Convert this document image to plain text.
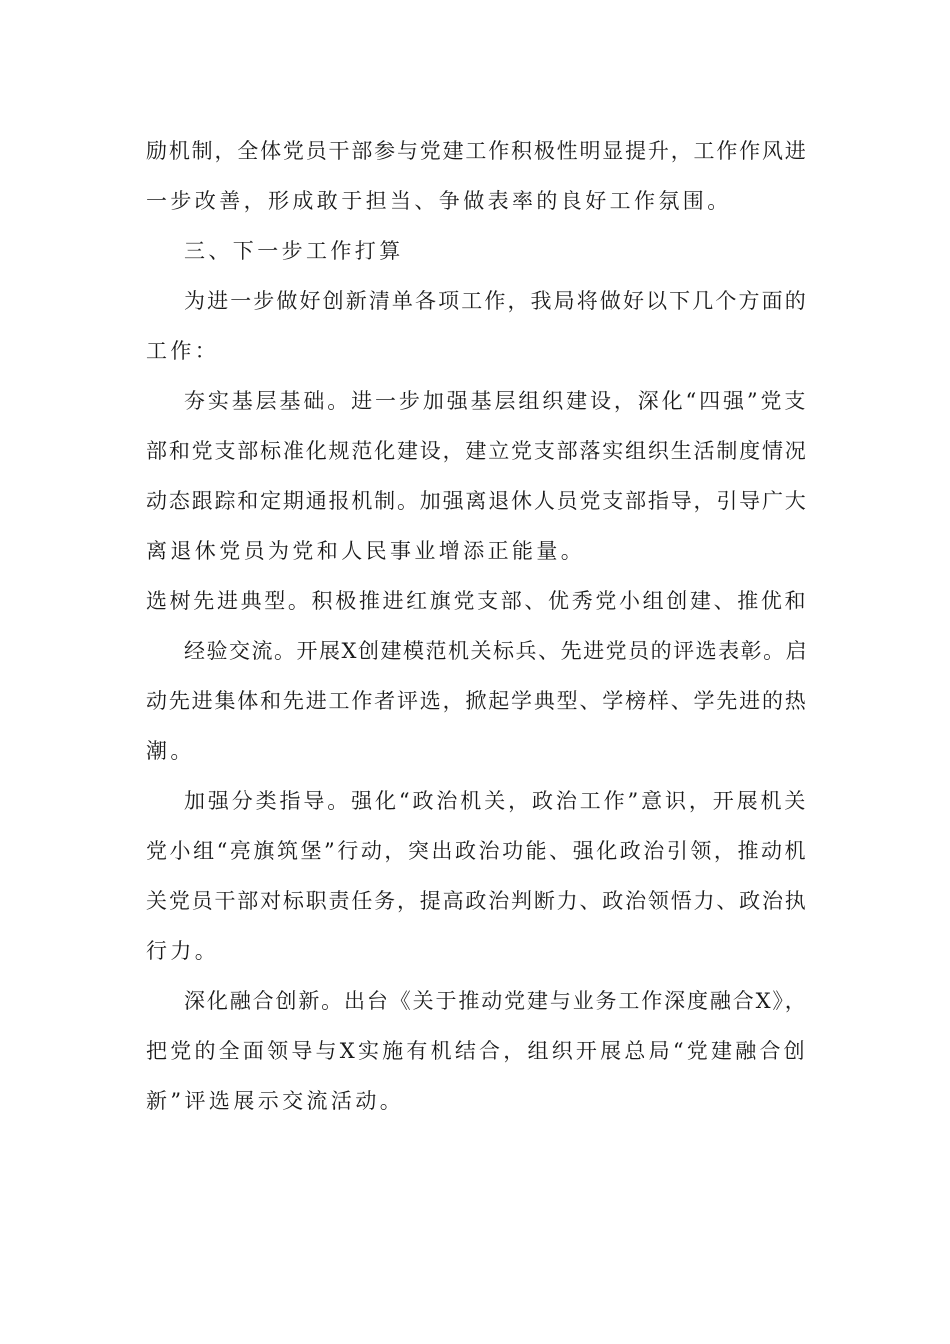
励机制，全体党员干部参与党建工作积极性明显提升，工作作风进
一步改善，形成敢于担当、争做表率的良好工作氛围。
三、下一步工作打算
为进一步做好创新清单各项工作，我局将做好以下几个方面的
工作：
夯实基层基础。进一步加强基层组织建设，深化“四强”党支
部和党支部标准化规范化建设，建立党支部落实组织生活制度情况
动态跟踪和定期通报机制。加强离退休人员党支部指导，引导广大
离退休党员为党和人民事业增添正能量。
选树先进典型。积极推进红旗党支部、优秀党小组创建、推优和
经验交流。开展X创建模范机关标兵、先进党员的评选表彰。启
动先进集体和先进工作者评选，掀起学典型、学榜样、学先进的热
潮。
加强分类指导。强化“政治机关，政治工作”意识，开展机关
党小组“亮旗筑堡”行动，突出政治功能、强化政治引领，推动机
关党员干部对标职责任务，提高政治判断力、政治领悟力、政治执
行力。
深化融合创新。出台《关于推动党建与业务工作深度融合X》，
把党的全面领导与X实施有机结合，组织开展总局“党建融合创
新”评选展示交流活动。
